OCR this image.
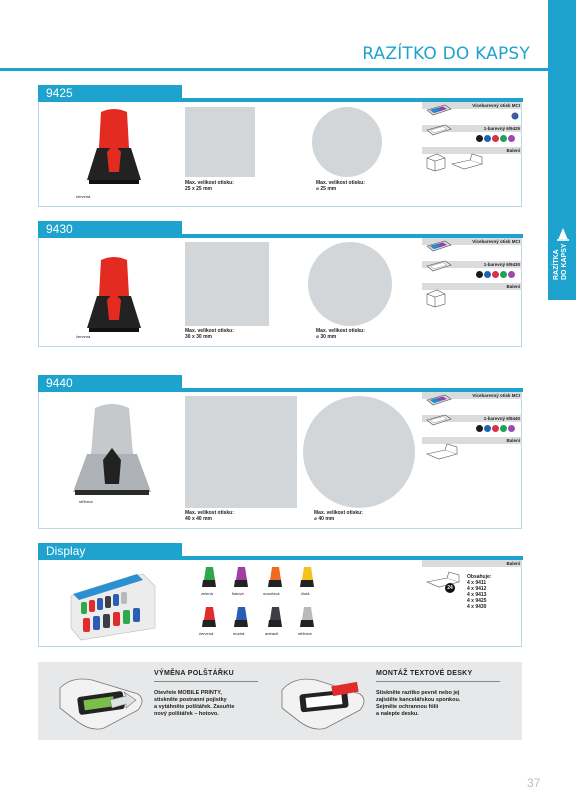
RAZÍTKO DO KAPSY
RAZÍTKA DO KAPSY
9425
červená
Max. velikost otisku:
25 x 25 mm
Max. velikost otisku:
⌀ 25 mm
Vícebarevný otisk MCI
1-barevný 6/9425
Balení
9430
červená
Max. velikost otisku:
30 x 30 mm
Max. velikost otisku:
⌀ 30 mm
Vícebarevný otisk MCI
1-barevný 6/9430
Balení
9440
stříbrná
Max. velikost otisku:
40 x 40 mm
Max. velikost otisku:
⌀ 40 mm
Vícebarevný otisk MCI
1-barevný 6/9440
Balení
Display
zelená	fialová	oranžová	žlutá
červená	modrá	antracit	stříbrná
Balení
24
Obsahuje:
4 x 9411
4 x 9412
4 x 9413
4 x 9425
4 x 9430
VÝMĚNA POLŠTÁŘKU
Otevřete MOBILE PRINTY,
stiskněte postranní pojistky
a vytáhněte polštářek. Zasuňte
nový polštářek – hotovo.
MONTÁŽ TEXTOVÉ DESKY
Stiskněte razítko pevně nebo jej
zajistěte kancelářskou sponkou.
Sejměte ochrannou fólii
a nalepte desku.
37
